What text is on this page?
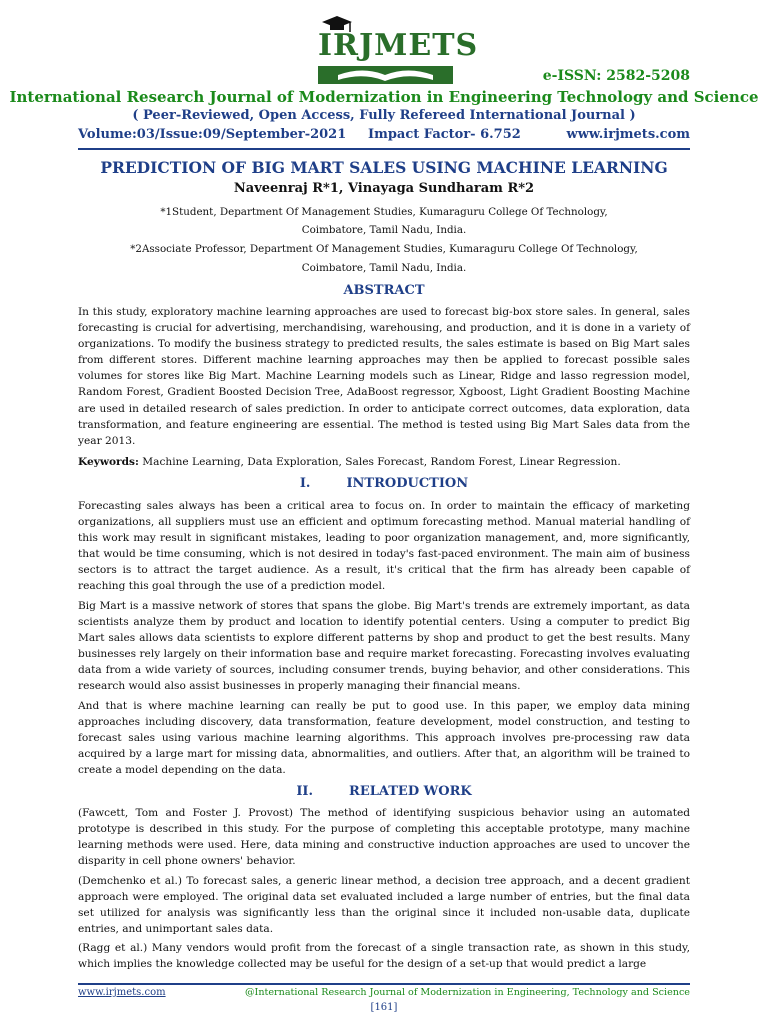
IRJMETS
e-ISSN: 2582-5208
International Research Journal of Modernization in Engineering Technology and Science
( Peer-Reviewed, Open Access, Fully Refereed International Journal )
Volume:03/Issue:09/September-2021 Impact Factor- 6.752	www.irjmets.com
PREDICTION OF BIG MART SALES USING MACHINE LEARNING
Naveenraj R*1, Vinayaga Sundharam R*2
*1Student, Department Of Management Studies, Kumaraguru College Of Technology,
Coimbatore, Tamil Nadu, India.
*2Associate Professor, Department Of Management Studies, Kumaraguru College Of Technology,
Coimbatore, Tamil Nadu, India.
ABSTRACT
In this study, exploratory machine learning approaches are used to forecast big-box store sales. In general, sales forecasting is crucial for advertising, merchandising, warehousing, and production, and it is done in a variety of organizations. To modify the business strategy to predicted results, the sales estimate is based on Big Mart sales from different stores. Different machine learning approaches may then be applied to forecast possible sales volumes for stores like Big Mart. Machine Learning models such as Linear, Ridge and lasso regression model, Random Forest, Gradient Boosted Decision Tree, AdaBoost regressor, Xgboost, Light Gradient Boosting Machine are used in detailed research of sales prediction. In order to anticipate correct outcomes, data exploration, data transformation, and feature engineering are essential. The method is tested using Big Mart Sales data from the year 2013.
Keywords: Machine Learning, Data Exploration, Sales Forecast, Random Forest, Linear Regression.
I.	INTRODUCTION
Forecasting sales always has been a critical area to focus on. In order to maintain the efficacy of marketing organizations, all suppliers must use an efficient and optimum forecasting method. Manual material handling of this work may result in significant mistakes, leading to poor organization management, and, more significantly, that would be time consuming, which is not desired in today's fast-paced environment. The main aim of business sectors is to attract the target audience. As a result, it's critical that the firm has already been capable of reaching this goal through the use of a prediction model.
Big Mart is a massive network of stores that spans the globe. Big Mart's trends are extremely important, as data scientists analyze them by product and location to identify potential centers. Using a computer to predict Big Mart sales allows data scientists to explore different patterns by shop and product to get the best results. Many businesses rely largely on their information base and require market forecasting. Forecasting involves evaluating data from a wide variety of sources, including consumer trends, buying behavior, and other considerations. This research would also assist businesses in properly managing their financial means.
And that is where machine learning can really be put to good use. In this paper, we employ data mining approaches including discovery, data transformation, feature development, model construction, and testing to forecast sales using various machine learning algorithms. This approach involves pre-processing raw data acquired by a large mart for missing data, abnormalities, and outliers. After that, an algorithm will be trained to create a model depending on the data.
II.	RELATED WORK
(Fawcett, Tom and Foster J. Provost) The method of identifying suspicious behavior using an automated prototype is described in this study. For the purpose of completing this acceptable prototype, many machine learning methods were used. Here, data mining and constructive induction approaches are used to uncover the disparity in cell phone owners' behavior.
(Demchenko et al.) To forecast sales, a generic linear method, a decision tree approach, and a decent gradient approach were employed. The original data set evaluated included a large number of entries, but the final data set utilized for analysis was significantly less than the original since it included non-usable data, duplicate entries, and unimportant sales data.
(Ragg et al.) Many vendors would profit from the forecast of a single transaction rate, as shown in this study, which implies the knowledge collected may be useful for the design of a set-up that would predict a large
www.irjmets.com	@International Research Journal of Modernization in Engineering, Technology and Science
[161]
